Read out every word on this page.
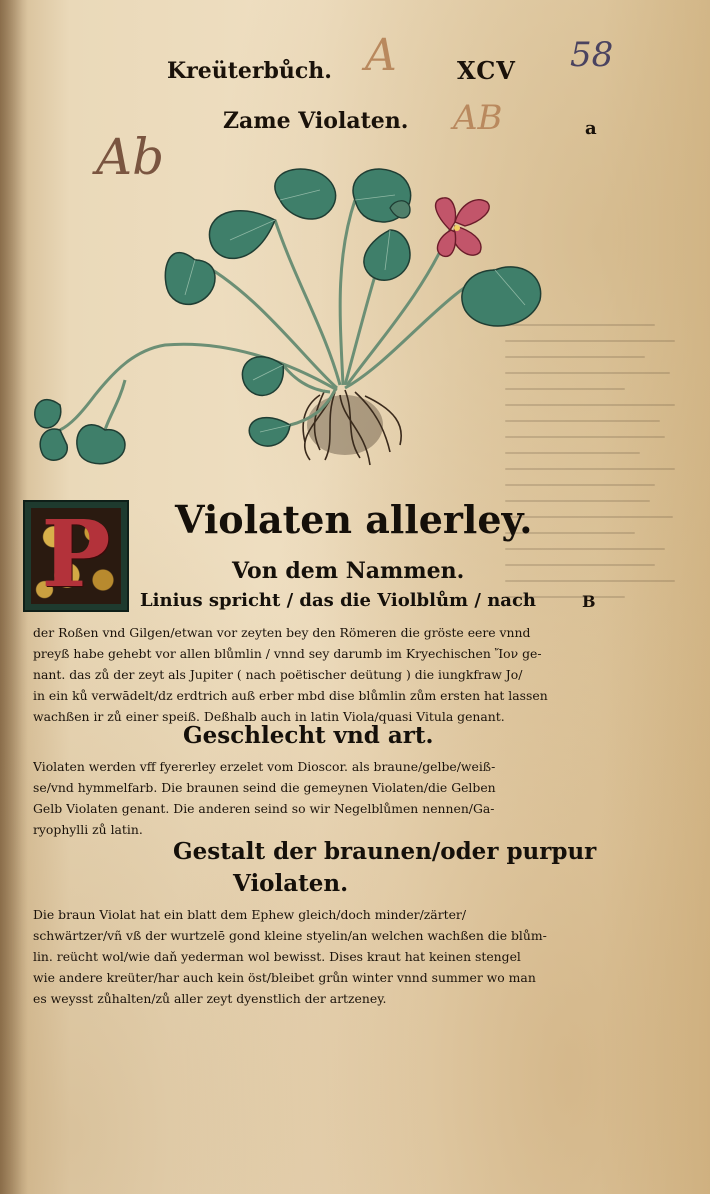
Kreüterbůch.	XCV
Zame Violaten.	a
A
AB
58
Ab
P	Violaten allerley.
Von dem Nammen.
Linius spricht / das die Violblům / nach	B
der Roßen vnd Gilgen/etwan vor zeyten bey den Römeren die gröste eere vnnd
preyß habe gehebt vor allen blůmlin / vnnd sey darumb im Kryechischen Ἴον ge-
nant. das zů der zeyt als Jupiter ( nach poëtischer deütung ) die iungkfraw Jo/
in ein ků verwādelt/dz erdtrich auß erber mbd dise blůmlin zům ersten hat lassen
wachßen ir zů einer speiß. Deßhalb auch in latin Viola/quasi Vitula genant.
Geschlecht vnd art.
Violaten werden vff fyererley erzelet vom Dioscor. als braune/gelbe/weiß-
se/vnd hymmelfarb. Die braunen seind die gemeynen Violaten/die Gelben
Gelb Violaten genant. Die anderen seind so wir Negelblůmen nennen/Ga-
ryophylli zů latin.
Gestalt der braunen/oder purpur
Violaten.
Die braun Violat hat ein blatt dem Ephew gleich/doch minder/zärter/
schwärtzer/vñ vß der wurtzelē gond kleine styelin/an welchen wachßen die blům-
lin. reücht wol/wie daň yederman wol bewisst. Dises kraut hat keinen stengel
wie andere kreüter/har auch kein öst/bleibet grůn winter vnnd summer wo man
es weysst zůhalten/zů aller zeyt dyenstlich der artzeney.
